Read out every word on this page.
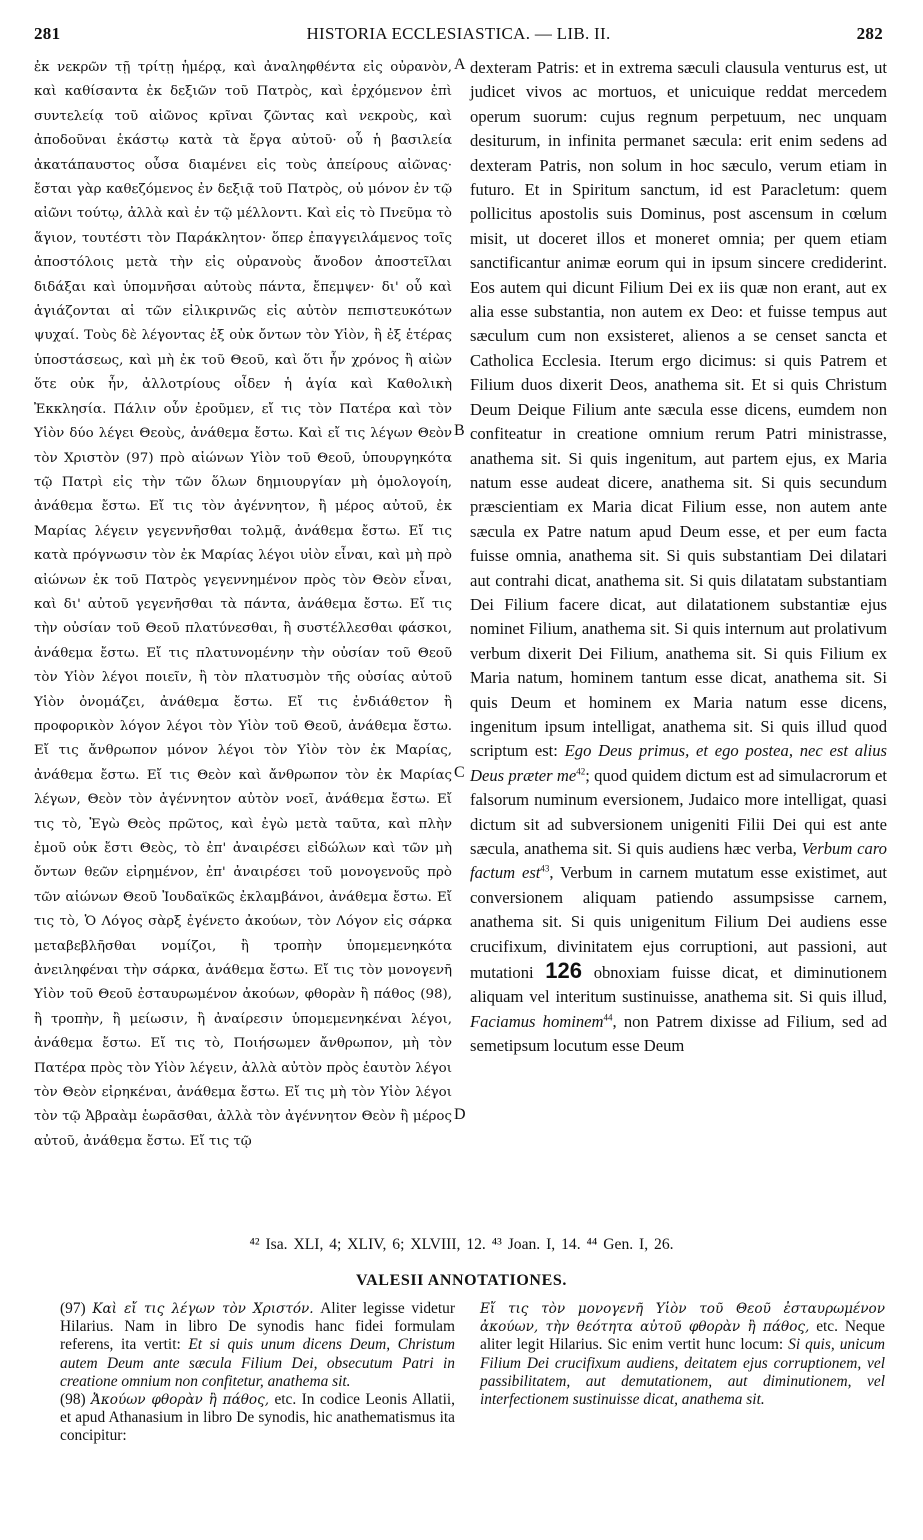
281	HISTORIA ECCLESIASTICA. — LIB. II.	282

ἐκ νεκρῶν τῇ τρίτῃ ἡμέρᾳ, καὶ ἀναληφθέντα εἰς οὐρανὸν, καὶ καθίσαντα ἐκ δεξιῶν τοῦ Πατρὸς, καὶ ἐρχόμενον ἐπὶ συντελείᾳ τοῦ αἰῶνος κρῖναι ζῶντας καὶ νεκροὺς, καὶ ἀποδοῦναι ἑκάστῳ κατὰ τὰ ἔργα αὐτοῦ· οὗ ἡ βασιλεία ἀκατάπαυστος οὖσα διαμένει εἰς τοὺς ἀπείρους αἰῶνας· ἔσται γὰρ καθεζόμενος ἐν δεξιᾷ τοῦ Πατρὸς, οὐ μόνον ἐν τῷ αἰῶνι τούτῳ, ἀλλὰ καὶ ἐν τῷ μέλλοντι. Καὶ εἰς τὸ Πνεῦμα τὸ ἅγιον, τουτέστι τὸν Παράκλητον· ὅπερ ἐπαγγειλάμενος τοῖς ἀποστόλοις μετὰ τὴν εἰς οὐρανοὺς ἄνοδον ἀποστεῖλαι διδάξαι καὶ ὑπομνῆσαι αὐτοὺς πάντα, ἔπεμψεν· δι' οὗ καὶ ἁγιάζονται αἱ τῶν εἰλικρινῶς εἰς αὐτὸν πεπιστευκότων ψυχαί. Τοὺς δὲ λέγοντας ἐξ οὐκ ὄντων τὸν Υἱὸν, ἢ ἐξ ἑτέρας ὑποστάσεως, καὶ μὴ ἐκ τοῦ Θεοῦ, καὶ ὅτι ἦν χρόνος ἢ αἰὼν ὅτε οὐκ ἦν, ἀλλοτρίους οἶδεν ἡ ἁγία καὶ Καθολικὴ Ἐκκλησία. Πάλιν οὖν ἐροῦμεν, εἴ τις τὸν Πατέρα καὶ τὸν Υἱὸν δύο λέγει Θεοὺς, ἀνάθεμα ἔστω. Καὶ εἴ τις λέγων Θεὸν τὸν Χριστὸν (97) πρὸ αἰώνων Υἱὸν τοῦ Θεοῦ, ὑπουργηκότα τῷ Πατρὶ εἰς τὴν τῶν ὅλων δημιουργίαν μὴ ὁμολογοίη, ἀνάθεμα ἔστω. Εἴ τις τὸν ἀγέννητον, ἢ μέρος αὐτοῦ, ἐκ Μαρίας λέγειν γεγεννῆσθαι τολμᾷ, ἀνάθεμα ἔστω. Εἴ τις κατὰ πρόγνωσιν τὸν ἐκ Μαρίας λέγοι υἱὸν εἶναι, καὶ μὴ πρὸ αἰώνων ἐκ τοῦ Πατρὸς γεγεννημένον πρὸς τὸν Θεὸν εἶναι, καὶ δι' αὐτοῦ γεγενῆσθαι τὰ πάντα, ἀνάθεμα ἔστω. Εἴ τις τὴν οὐσίαν τοῦ Θεοῦ πλατύνεσθαι, ἢ συστέλλεσθαι φάσκοι, ἀνάθεμα ἔστω. Εἴ τις πλατυνομένην τὴν οὐσίαν τοῦ Θεοῦ τὸν Υἱὸν λέγοι ποιεῖν, ἢ τὸν πλατυσμὸν τῆς οὐσίας αὐτοῦ Υἱὸν ὀνομάζει, ἀνάθεμα ἔστω. Εἴ τις ἐνδιάθετον ἢ προφορικὸν λόγον λέγοι τὸν Υἱὸν τοῦ Θεοῦ, ἀνάθεμα ἔστω. Εἴ τις ἄνθρωπον μόνον λέγοι τὸν Υἱὸν τὸν ἐκ Μαρίας, ἀνάθεμα ἔστω. Εἴ τις Θεὸν καὶ ἄνθρωπον τὸν ἐκ Μαρίας λέγων, Θεὸν τὸν ἀγέννητον αὐτὸν νοεῖ, ἀνάθεμα ἔστω. Εἴ τις τὸ, Ἐγὼ Θεὸς πρῶτος, καὶ ἐγὼ μετὰ ταῦτα, καὶ πλὴν ἐμοῦ οὐκ ἔστι Θεὸς, τὸ ἐπ' ἀναιρέσει εἰδώλων καὶ τῶν μὴ ὄντων θεῶν εἰρημένον, ἐπ' ἀναιρέσει τοῦ μονογενοῦς πρὸ τῶν αἰώνων Θεοῦ Ἰουδαϊκῶς ἐκλαμβάνοι, ἀνάθεμα ἔστω. Εἴ τις τὸ, Ὁ Λόγος σὰρξ ἐγένετο ἀκούων, τὸν Λόγον εἰς σάρκα μεταβεβλῆσθαι νομίζοι, ἢ τροπὴν ὑπομεμενηκότα ἀνειληφέναι τὴν σάρκα, ἀνάθεμα ἔστω. Εἴ τις τὸν μονογενῆ Υἱὸν τοῦ Θεοῦ ἐσταυρωμένον ἀκούων, φθορὰν ἢ πάθος (98), ἢ τροπὴν, ἢ μείωσιν, ἢ ἀναίρεσιν ὑπομεμενηκέναι λέγοι, ἀνάθεμα ἔστω. Εἴ τις τὸ, Ποιήσωμεν ἄνθρωπον, μὴ τὸν Πατέρα πρὸς τὸν Υἱὸν λέγειν, ἀλλὰ αὐτὸν πρὸς ἑαυτὸν λέγοι τὸν Θεὸν εἰρηκέναι, ἀνάθεμα ἔστω. Εἴ τις μὴ τὸν Υἱὸν λέγοι τὸν τῷ Ἀβραὰμ ἑωρᾶσθαι, ἀλλὰ τὸν ἀγέννητον Θεὸν ἢ μέρος αὐτοῦ, ἀνάθεμα ἔστω. Εἴ τις τῷ

A
B
C
D

dexteram Patris: et in extrema sæculi clausula venturus est, ut judicet vivos ac mortuos, et unicuique reddat mercedem operum suorum: cujus regnum perpetuum, nec unquam desiturum, in infinita permanet sæcula: erit enim sedens ad dexteram Patris, non solum in hoc sæculo, verum etiam in futuro. Et in Spiritum sanctum, id est Paracletum: quem pollicitus apostolis suis Dominus, post ascensum in cœlum misit, ut doceret illos et moneret omnia; per quem etiam sanctificantur animæ eorum qui in ipsum sincere crediderint. Eos autem qui dicunt Filium Dei ex iis quæ non erant, aut ex alia esse substantia, non autem ex Deo: et fuisse tempus aut sæculum cum non exsisteret, alienos a se censet sancta et Catholica Ecclesia. Iterum ergo dicimus: si quis Patrem et Filium duos dixerit Deos, anathema sit. Et si quis Christum Deum Deique Filium ante sæcula esse dicens, eumdem non confiteatur in creatione omnium rerum Patri ministrasse, anathema sit. Si quis ingenitum, aut partem ejus, ex Maria natum esse audeat dicere, anathema sit. Si quis secundum præscientiam ex Maria dicat Filium esse, non autem ante sæcula ex Patre natum apud Deum esse, et per eum facta fuisse omnia, anathema sit. Si quis substantiam Dei dilatari aut contrahi dicat, anathema sit. Si quis dilatatam substantiam Dei Filium facere dicat, aut dilatationem substantiæ ejus nominet Filium, anathema sit. Si quis internum aut prolativum verbum dixerit Dei Filium, anathema sit. Si quis Filium ex Maria natum, hominem tantum esse dicat, anathema sit. Si quis Deum et hominem ex Maria natum esse dicens, ingenitum ipsum intelligat, anathema sit. Si quis illud quod scriptum est: Ego Deus primus, et ego postea, nec est alius Deus præter $me^{42}$; quod quidem dictum est ad simulacrorum et falsorum numinum eversionem, Judaico more intelligat, quasi dictum sit ad subversionem unigeniti Filii Dei qui est ante sæcula, anathema sit. Si quis audiens hæc verba, Verbum caro factum est$^{43}$, Verbum in carnem mutatum esse existimet, aut conversionem aliquam patiendo assumpsisse carnem, anathema sit. Si quis unigenitum Filium Dei audiens esse crucifixum, divinitatem ejus corruptioni, aut passioni, aut mutationi 126 obnoxiam fuisse dicat, et diminutionem aliquam vel interitum sustinuisse, anathema sit. Si quis illud, Faciamus hominem$^{44}$, non Patrem dixisse ad Filium, sed ad semetipsum locutum esse Deum

⁴² Isa. XLI, 4; XLIV, 6; XLVIII, 12. ⁴³ Joan. I, 14. ⁴⁴ Gen. I, 26.
VALESII ANNOTATIONES.

(97) Καὶ εἴ τις λέγων τὸν Χριστόν. Aliter legisse videtur Hilarius. Nam in libro De synodis hanc fidei formulam referens, ita vertit: Et si quis unum dicens Deum, Christum autem Deum ante sæcula Filium Dei, obsecutum Patri in creatione omnium non confitetur, anathema sit.

(98) Ἀκούων φθορὰν ἢ πάθος, etc. In codice Leonis Allatii, et apud Athanasium in libro De synodis, hic anathematismus ita concipitur:

Εἴ τις τὸν μονογενῆ Υἱὸν τοῦ Θεοῦ ἐσταυρωμένον ἀκούων, τὴν θεότητα αὐτοῦ φθορὰν ἢ πάθος, etc. Neque aliter legit Hilarius. Sic enim vertit hunc locum: Si quis, unicum Filium Dei crucifixum audiens, deitatem ejus corruptionem, vel passibilitatem, aut demutationem, aut diminutionem, vel interfectionem sustinuisse dicat, anathema sit.
